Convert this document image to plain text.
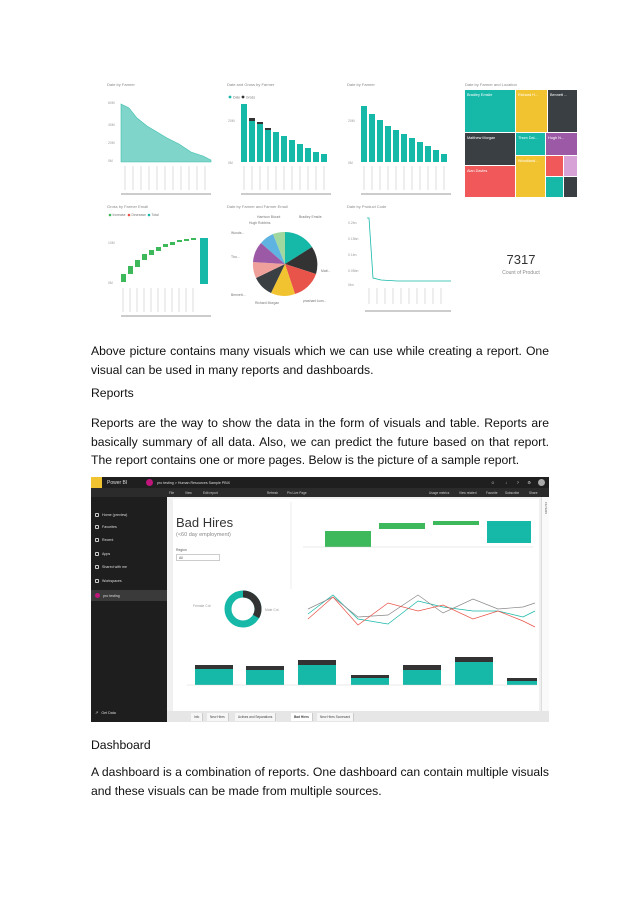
Date by Farmer
60M
40M
20M
0M
Date and Gross by Farmer
Date Gross
20M
0M
Date by Farmer
20M
0M
Date by Farmer and Location
Bradley Emslie	Richard H...	Bennett ...
Matthew Morgan	Thom Dal...	Hugh N...
Alan Davies
Woodland...
Gross by Farmer Email
Increase Decrease Total
10M
0M
Date by Farmer and Farmer Email
Harrison Blount
Hugh Robbins
Woods...
Bradley Emslie
Tho...
Bennett...
Richard Morgan
Matt...
prashant kum...
Date by Product Code
0.2bn
0.15bn
0.1bn
0.05bn
0bn
7317
Count of Product

Above picture contains many visuals which we can use while creating a report. One visual can be used in many reports and dashboards.

Reports

Reports are the way to show the data in the form of visuals and table. Reports are basically summary of all data. Also, we can predict the future based on that report. The report contains one or more pages. Below is the picture of a sample report.

Power BI	pro testing > Human Resources Sample PBIX	⚙
?
↓
☺
File	View	Edit report	Refresh	Pin Live Page	Usage metrics	View related	Favorite Subscribe	Share
Home (preview)
Favorites
Recent
Apps
Shared with me
Workspaces
pro testing
↗ Get Data
Bad Hires
(<60 day employment)
Region
All
Female Cnt
Male Cnt
FILTERS
Info	New Hires	Actives and Separations	Bad Hires	New Hires Scorecard

Dashboard

A dashboard is a combination of reports. One dashboard can contain multiple visuals and these visuals can be made from multiple sources.
